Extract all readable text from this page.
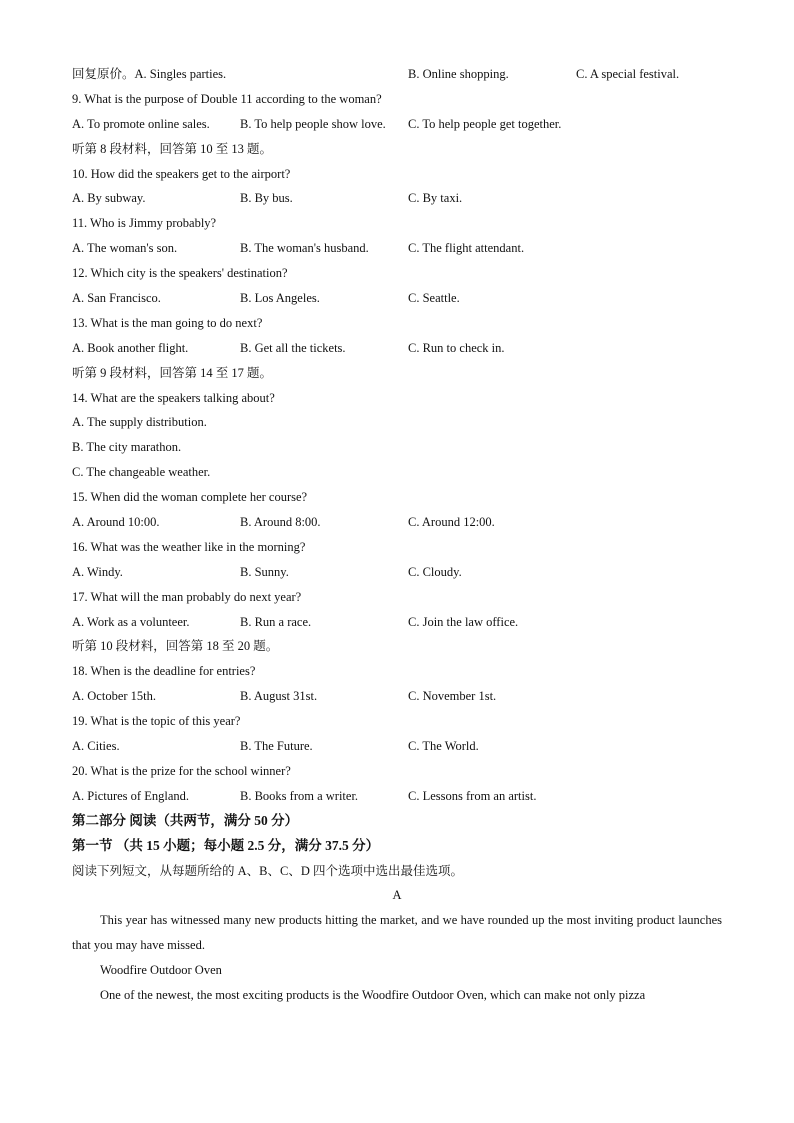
回复原价。A. Singles parties.	B. Online shopping.	C. A special festival.
9. What is the purpose of Double 11 according to the woman?
A. To promote online sales. B. To help people show love. C. To help people get together.
听第 8 段材料，回答第 10 至 13 题。
10. How did the speakers get to the airport?
A. By subway.	B. By bus.	C. By taxi.
11. Who is Jimmy probably?
A. The woman's son.	B. The woman's husband.	C. The flight attendant.
12. Which city is the speakers' destination?
A. San Francisco.	B. Los Angeles.	C. Seattle.
13. What is the man going to do next?
A. Book another flight.	B. Get all the tickets.	C. Run to check in.
听第 9 段材料，回答第 14 至 17 题。
14. What are the speakers talking about?
A. The supply distribution.
B. The city marathon.
C. The changeable weather.
15. When did the woman complete her course?
A. Around 10:00.	B. Around 8:00.	C. Around 12:00.
16. What was the weather like in the morning?
A. Windy.	B. Sunny.	C. Cloudy.
17. What will the man probably do next year?
A. Work as a volunteer.	B. Run a race.	C. Join the law office.
听第 10 段材料，回答第 18 至 20 题。
18. When is the deadline for entries?
A. October 15th.	B. August 31st.	C. November 1st.
19. What is the topic of this year?
A. Cities.	B. The Future.	C. The World.
20. What is the prize for the school winner?
A. Pictures of England.	B. Books from a writer.	C. Lessons from an artist.
第二部分 阅读（共两节，满分 50 分）
第一节 （共 15 小题；每小题 2.5 分，满分 37.5 分）
阅读下列短文，从每题所给的 A、B、C、D 四个选项中选出最佳选项。
A
This year has witnessed many new products hitting the market, and we have rounded up the most inviting product launches that you may have missed.
Woodfire Outdoor Oven
One of the newest, the most exciting products is the Woodfire Outdoor Oven, which can make not only pizza
